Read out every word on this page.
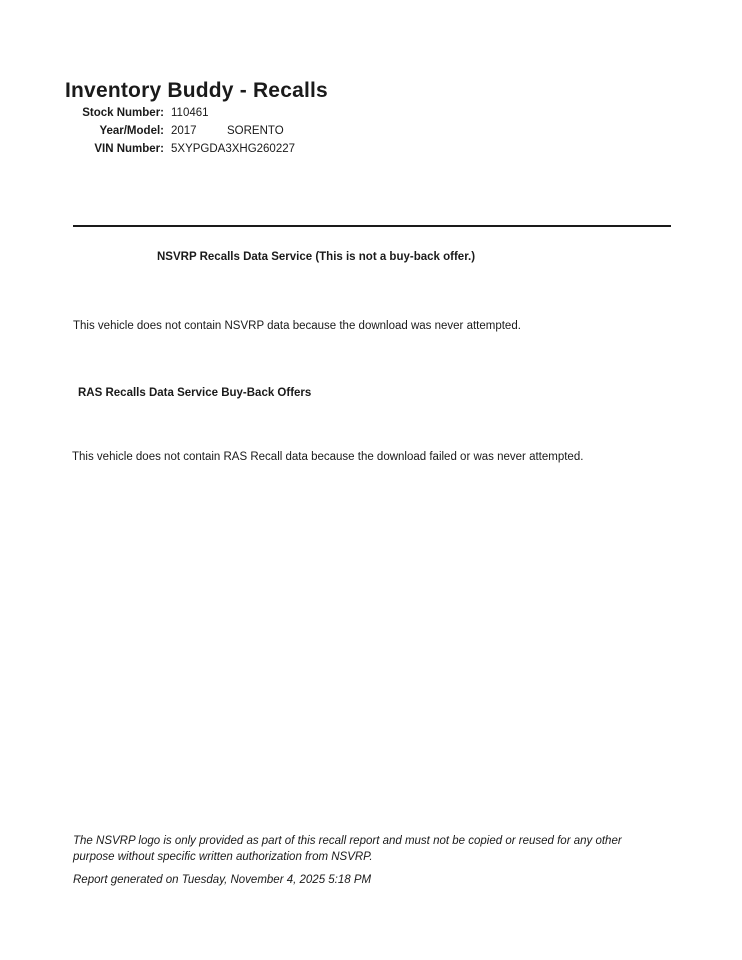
Inventory Buddy - Recalls
Stock Number: 110461
Year/Model: 2017	SORENTO
VIN Number: 5XYPGDA3XHG260227
NSVRP Recalls Data Service (This is not a buy-back offer.)
This vehicle does not contain NSVRP data because the download was never attempted.
RAS Recalls Data Service Buy-Back Offers
This vehicle does not contain RAS Recall data because the download failed or was never attempted.
The NSVRP logo is only provided as part of this recall report and must not be copied or reused for any other
purpose without specific written authorization from NSVRP.
Report generated on Tuesday, November 4, 2025 5:18 PM
